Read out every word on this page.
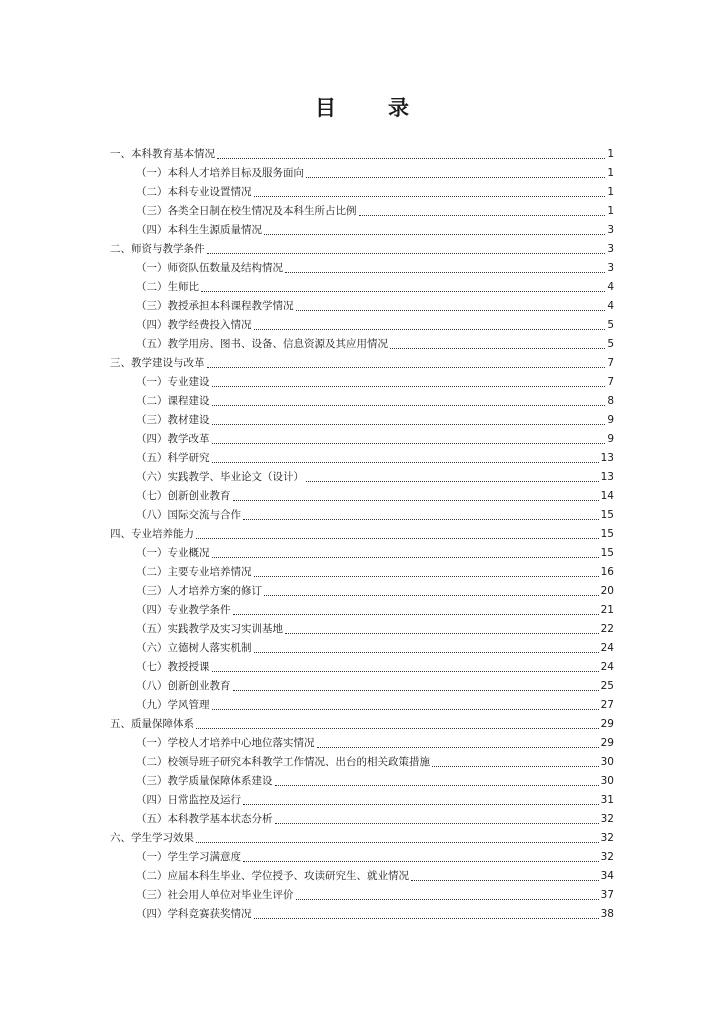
目 录
一、本科教育基本情况	1
（一）本科人才培养目标及服务面向	1
（二）本科专业设置情况	1
（三）各类全日制在校生情况及本科生所占比例	1
（四）本科生生源质量情况	3
二、师资与教学条件	3
（一）师资队伍数量及结构情况	3
（二）生师比	4
（三）教授承担本科课程教学情况	4
（四）教学经费投入情况	5
（五）教学用房、图书、设备、信息资源及其应用情况	5
三、教学建设与改革	7
（一）专业建设	7
（二）课程建设	8
（三）教材建设	9
（四）教学改革	9
（五）科学研究	13
（六）实践教学、毕业论文（设计）	13
（七）创新创业教育	14
（八）国际交流与合作	15
四、专业培养能力	15
（一）专业概况	15
（二）主要专业培养情况	16
（三）人才培养方案的修订	20
（四）专业教学条件	21
（五）实践教学及实习实训基地	22
（六）立德树人落实机制	24
（七）教授授课	24
（八）创新创业教育	25
（九）学风管理	27
五、质量保障体系	29
（一）学校人才培养中心地位落实情况	29
（二）校领导班子研究本科教学工作情况、出台的相关政策措施	30
（三）教学质量保障体系建设	30
（四）日常监控及运行	31
（五）本科教学基本状态分析	32
六、学生学习效果	32
（一）学生学习满意度	32
（二）应届本科生毕业、学位授予、攻读研究生、就业情况	34
（三）社会用人单位对毕业生评价	37
（四）学科竞赛获奖情况	38
